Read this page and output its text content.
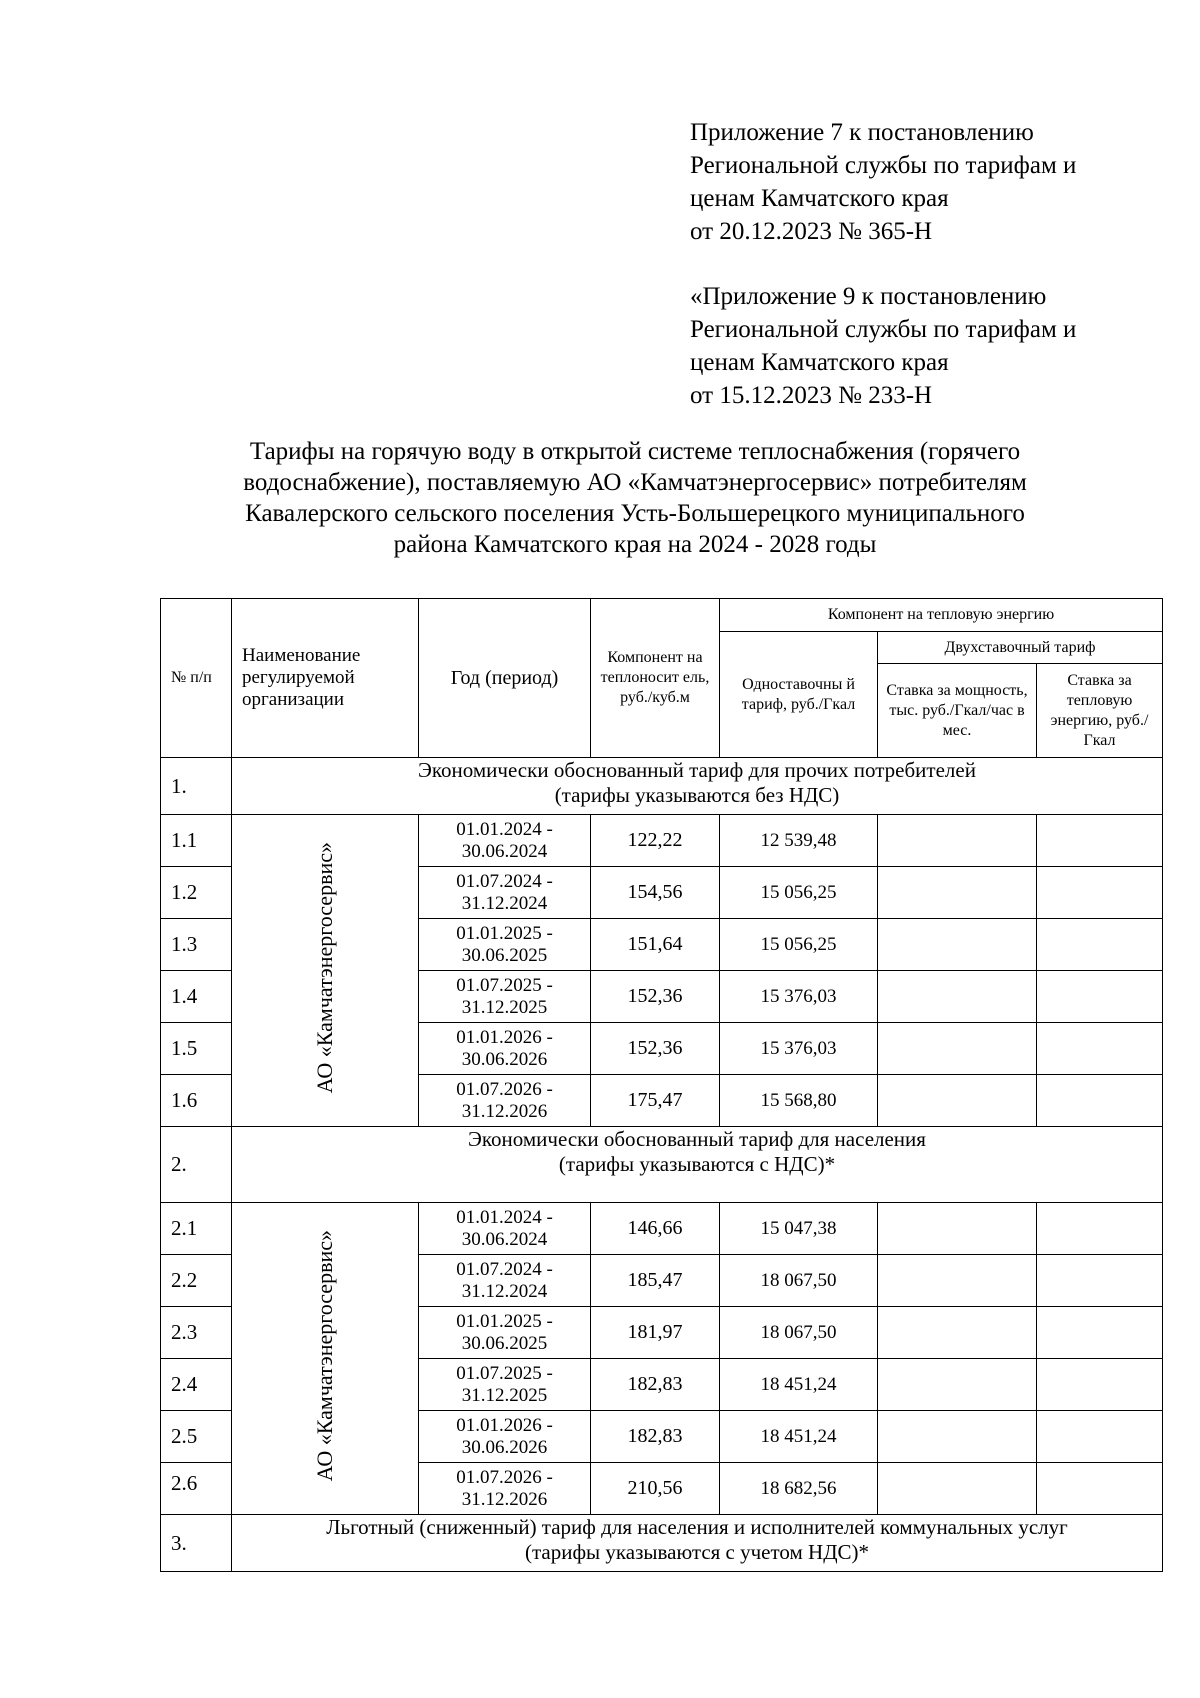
Приложение 7 к постановлению
Региональной службы по тарифам и
ценам Камчатского края
от 20.12.2023 № 365-Н
«Приложение 9 к постановлению
Региональной службы по тарифам и
ценам Камчатского края
от 15.12.2023 № 233-Н
Тарифы на горячую воду в открытой системе теплоснабжения (горячего
водоснабжение), поставляемую АО «Камчатэнергосервис» потребителям
Кавалерского сельского поселения Усть-Большерецкого муниципального
района Камчатского края на 2024 - 2028 годы
№ п/п	Наименование регулируемой организации	Год (период)	Компонент на теплоносит ель, руб./куб.м	Компонент на тепловую энергию		
				Одноставочны й тариф, руб./Гкал	Двухставочный тариф	
					Ставка за мощность, тыс. руб./Гкал/час в мес.	Ставка за тепловую энергию, руб./Гкал
1.	Экономически обоснованный тариф для прочих потребителей
(тарифы указываются без НДС)					

1.1	АО «Камчатэнергосервис»	01.01.2024 -
30.06.2024	122,22	12 539,48		
1.2		01.07.2024 -
31.12.2024	154,56	15 056,25		
1.3		01.01.2025 -
30.06.2025	151,64	15 056,25		
1.4		01.07.2025 -
31.12.2025	152,36	15 376,03		
1.5		01.01.2026 -
30.06.2026	152,36	15 376,03		
1.6		01.07.2026 -
31.12.2026	175,47	15 568,80		
2.	Экономически обоснованный тариф для населения
(тарифы указываются с НДС)*					

2.1	АО «Камчатэнергосервис»	01.01.2024 -
30.06.2024	146,66	15 047,38		
2.2		01.07.2024 -
31.12.2024	185,47	18 067,50		
2.3		01.01.2025 -
30.06.2025	181,97	18 067,50		
2.4		01.07.2025 -
31.12.2025	182,83	18 451,24		
2.5		01.01.2026 -
30.06.2026	182,83	18 451,24		
2.6		01.07.2026 -
31.12.2026	210,56	18 682,56		
3.	Льготный (сниженный) тариф для населения и исполнителей коммунальных услуг
(тарифы указываются с учетом НДС)*					
